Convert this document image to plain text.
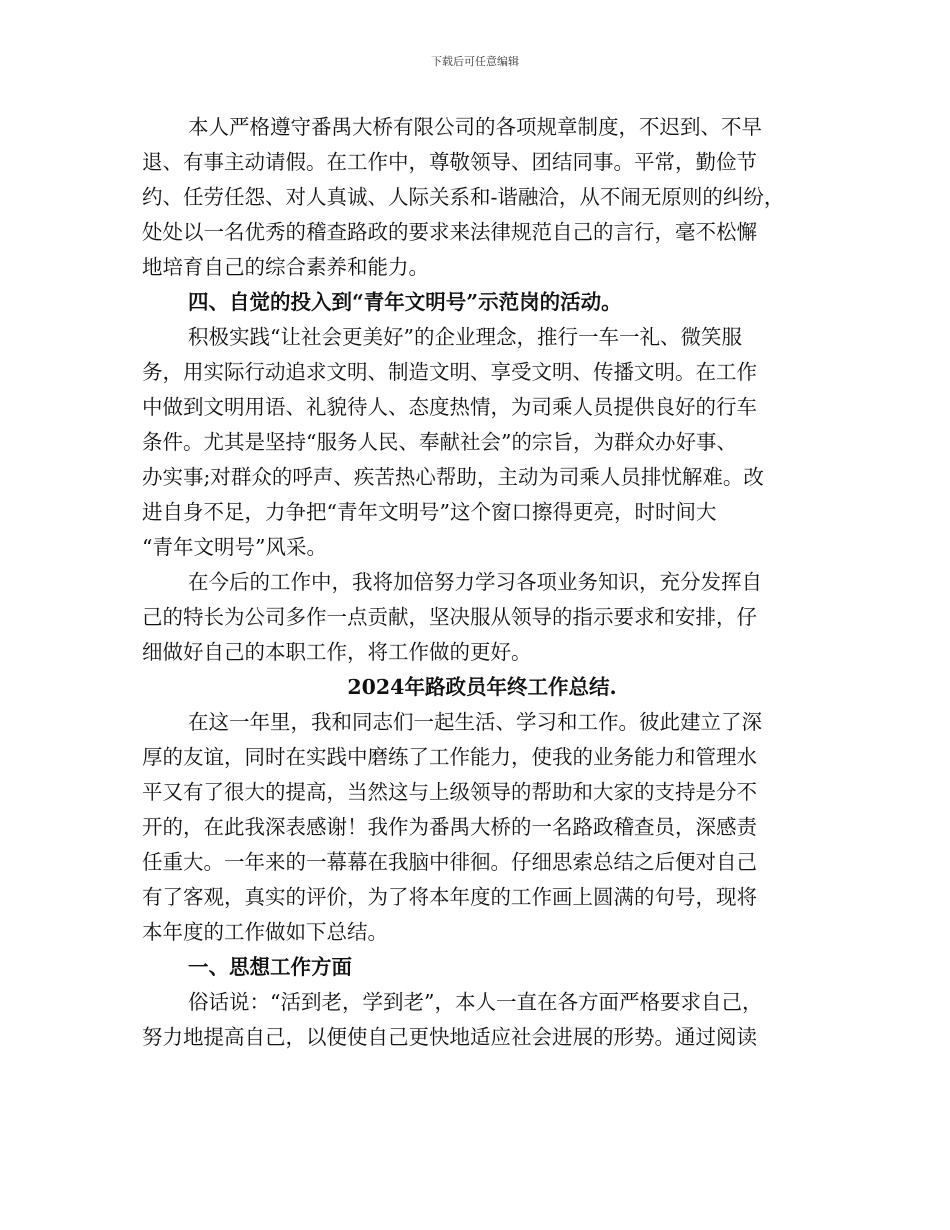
下载后可任意编辑
本人严格遵守番禺大桥有限公司的各项规章制度，不迟到、不早
退、有事主动请假。在工作中，尊敬领导、团结同事。平常，勤俭节
约、任劳任怨、对人真诚、人际关系和-谐融洽，从不闹无原则的纠纷，
处处以一名优秀的稽查路政的要求来法律规范自己的言行，毫不松懈
地培育自己的综合素养和能力。
四、自觉的投入到“青年文明号”示范岗的活动。
积极实践“让社会更美好”的企业理念，推行一车一礼、微笑服
务，用实际行动追求文明、制造文明、享受文明、传播文明。在工作
中做到文明用语、礼貌待人、态度热情，为司乘人员提供良好的行车
条件。尤其是坚持“服务人民、奉献社会”的宗旨，为群众办好事、
办实事;对群众的呼声、疾苦热心帮助，主动为司乘人员排忧解难。改
进自身不足，力争把“青年文明号”这个窗口擦得更亮，时时间大
“青年文明号”风采。
在今后的工作中，我将加倍努力学习各项业务知识，充分发挥自
己的特长为公司多作一点贡献，坚决服从领导的指示要求和安排，仔
细做好自己的本职工作，将工作做的更好。
2024年路政员年终工作总结.
在这一年里，我和同志们一起生活、学习和工作。彼此建立了深
厚的友谊，同时在实践中磨练了工作能力，使我的业务能力和管理水
平又有了很大的提高，当然这与上级领导的帮助和大家的支持是分不
开的，在此我深表感谢！我作为番禺大桥的一名路政稽查员，深感责
任重大。一年来的一幕幕在我脑中徘徊。仔细思索总结之后便对自己
有了客观，真实的评价，为了将本年度的工作画上圆满的句号，现将
本年度的工作做如下总结。
一、思想工作方面
俗话说：“活到老，学到老”，本人一直在各方面严格要求自己，
努力地提高自己，以便使自己更快地适应社会进展的形势。通过阅读
